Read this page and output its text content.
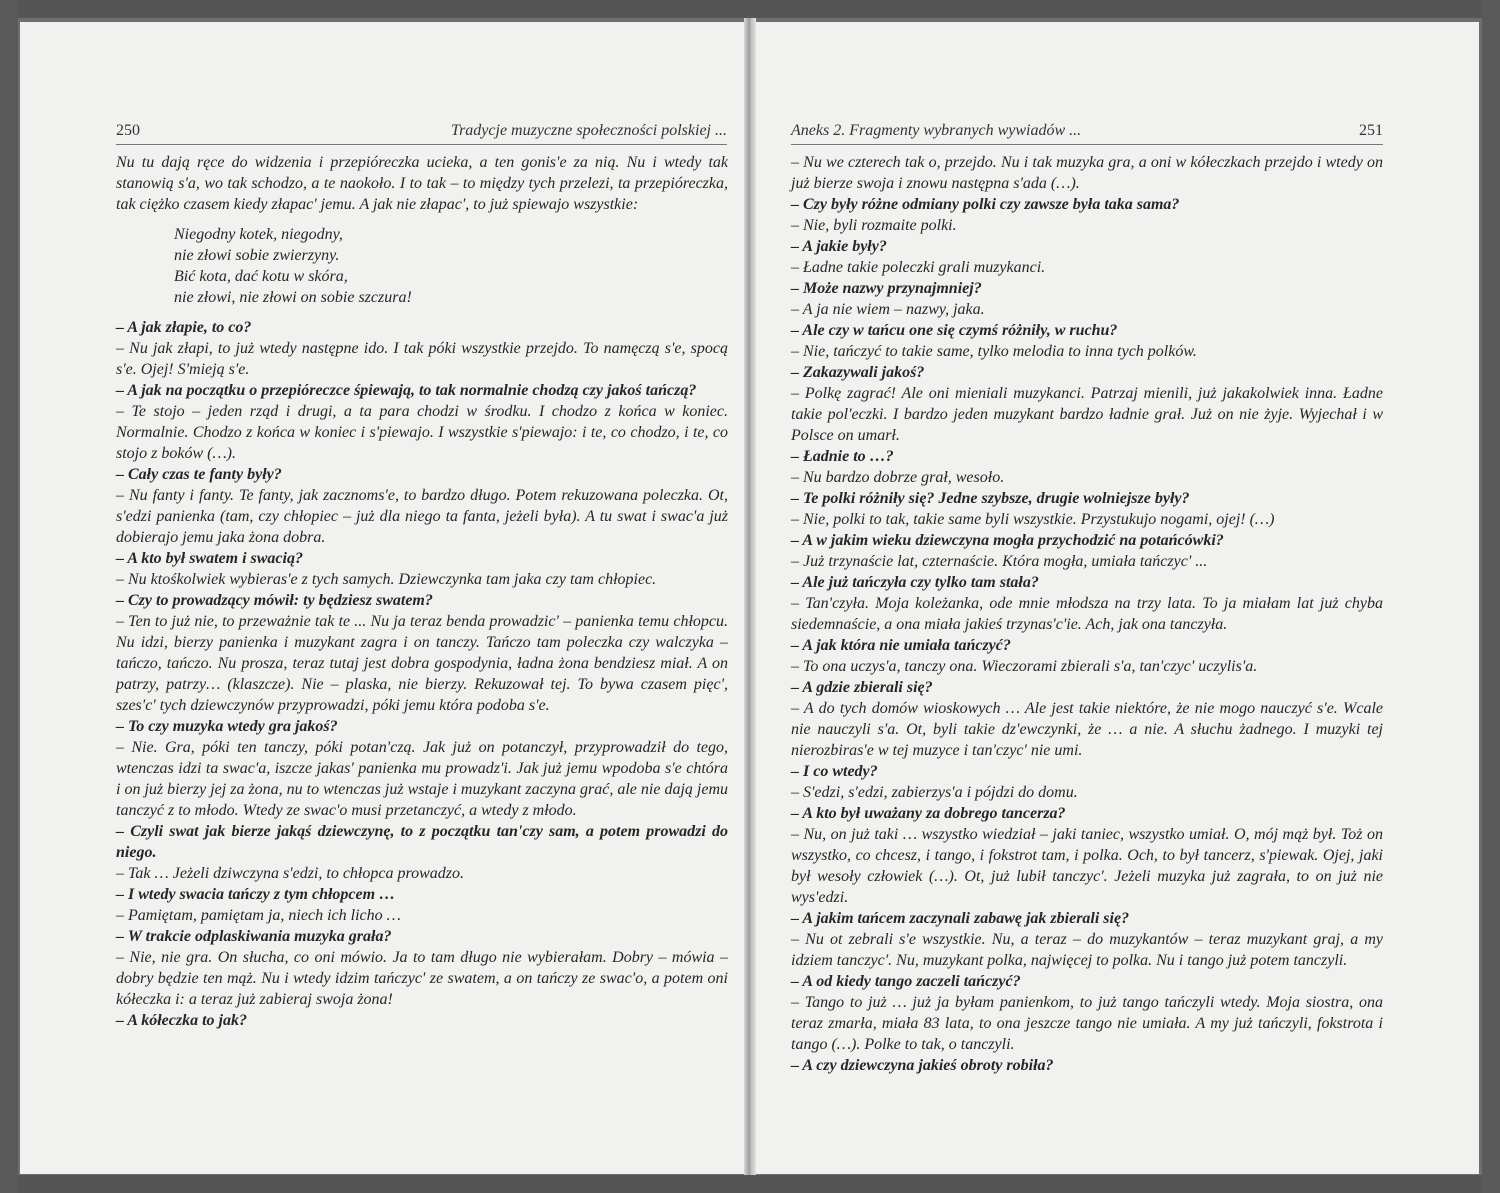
250	Tradycje muzyczne społeczności polskiej ...

Nu tu dają ręce do widzenia i przepióreczka ucieka, a ten gonis'e za nią. Nu i wtedy tak stanowią s'a, wo tak schodzo, a te naokoło. I to tak – to między tych przelezi, ta przepióreczka, tak ciężko czasem kiedy złapac' jemu. A jak nie złapac', to już spiewajo wszystkie:

Niegodny kotek, niegodny,
nie złowi sobie zwierzyny.
Bić kota, dać kotu w skóra,
nie złowi, nie złowi on sobie szczura!

– A jak złapie, to co?

– Nu jak złapi, to już wtedy następne ido. I tak póki wszystkie przejdo. To namęczą s'e, spocą s'e. Ojej! S'mieją s'e.

– A jak na początku o przepióreczce śpiewają, to tak normalnie chodzą czy jakoś tańczą?

– Te stojo – jeden rząd i drugi, a ta para chodzi w środku. I chodzo z końca w koniec. Normalnie. Chodzo z końca w koniec i s'piewajo. I wszystkie s'piewajo: i te, co chodzo, i te, co stojo z boków (…).

– Cały czas te fanty były?

– Nu fanty i fanty. Te fanty, jak zacznoms'e, to bardzo długo. Potem rekuzowana poleczka. Ot, s'edzi panienka (tam, czy chłopiec – już dla niego ta fanta, jeżeli była). A tu swat i swac'a już dobierajo jemu jaka żona dobra.

– A kto był swatem i swacią?

– Nu ktośkolwiek wybieras'e z tych samych. Dziewczynka tam jaka czy tam chłopiec.

– Czy to prowadzący mówił: ty będziesz swatem?

– Ten to już nie, to przeważnie tak te ... Nu ja teraz benda prowadzic' – panienka temu chłopcu. Nu idzi, bierzy panienka i muzykant zagra i on tanczy. Tańczo tam poleczka czy walczyka – tańczo, tańczo. Nu prosza, teraz tutaj jest dobra gospodynia, ładna żona bendziesz miał. A on patrzy, patrzy… (klaszcze). Nie – plaska, nie bierzy. Rekuzował tej. To bywa czasem pięc', szes'c' tych dziewczynów przyprowadzi, póki jemu która podoba s'e.

– To czy muzyka wtedy gra jakoś?

– Nie. Gra, póki ten tanczy, póki potan'czą. Jak już on potanczył, przyprowadził do tego, wtenczas idzi ta swac'a, iszcze jakas' panienka mu prowadz'i. Jak już jemu wpodoba s'e chtóra i on już bierzy jej za żona, nu to wtenczas już wstaje i muzykant zaczyna grać, ale nie dają jemu tanczyć z to młodo. Wtedy ze swac'o musi przetanczyć, a wtedy z młodo.

– Czyli swat jak bierze jakąś dziewczynę, to z początku tan'czy sam, a potem prowadzi do niego.

– Tak … Jeżeli dziwczyna s'edzi, to chłopca prowadzo.

– I wtedy swacia tańczy z tym chłopcem …

– Pamiętam, pamiętam ja, niech ich licho …

– W trakcie odplaskiwania muzyka grała?

– Nie, nie gra. On słucha, co oni mówio. Ja to tam długo nie wybierałam. Dobry – mówia – dobry będzie ten mąż. Nu i wtedy idzim tańczyc' ze swatem, a on tańczy ze swac'o, a potem oni kółeczka i: a teraz już zabieraj swoja żona!

– A kółeczka to jak?

Aneks 2. Fragmenty wybranych wywiadów ...	251

– Nu we czterech tak o, przejdo. Nu i tak muzyka gra, a oni w kółeczkach przejdo i wtedy on już bierze swoja i znowu następna s'ada (…).

– Czy były różne odmiany polki czy zawsze była taka sama?

– Nie, byli rozmaite polki.

– A jakie były?

– Ładne takie poleczki grali muzykanci.

– Może nazwy przynajmniej?

– A ja nie wiem – nazwy, jaka.

– Ale czy w tańcu one się czymś różniły, w ruchu?

– Nie, tańczyć to takie same, tylko melodia to inna tych polków.

– Zakazywali jakoś?

– Polkę zagrać! Ale oni mieniali muzykanci. Patrzaj mienili, już jakakolwiek inna. Ładne takie pol'eczki. I bardzo jeden muzykant bardzo ładnie grał. Już on nie żyje. Wyjechał i w Polsce on umarł.

– Ładnie to …?

– Nu bardzo dobrze grał, wesoło.

– Te polki różniły się? Jedne szybsze, drugie wolniejsze były?

– Nie, polki to tak, takie same byli wszystkie. Przystukujo nogami, ojej! (…)

– A w jakim wieku dziewczyna mogła przychodzić na potańcówki?

– Już trzynaście lat, czternaście. Która mogła, umiała tańczyc' ...

– Ale już tańczyła czy tylko tam stała?

– Tan'czyła. Moja koleżanka, ode mnie młodsza na trzy lata. To ja miałam lat już chyba siedemnaście, a ona miała jakieś trzynas'c'ie. Ach, jak ona tanczyła.

– A jak która nie umiała tańczyć?

– To ona uczys'a, tanczy ona. Wieczorami zbierali s'a, tan'czyc' uczylis'a.

– A gdzie zbierali się?

– A do tych domów wioskowych … Ale jest takie niektóre, że nie mogo nauczyć s'e. Wcale nie nauczyli s'a. Ot, byli takie dz'ewczynki, że … a nie. A słuchu żadnego. I muzyki tej nierozbiras'e w tej muzyce i tan'czyc' nie umi.

– I co wtedy?

– S'edzi, s'edzi, zabierzys'a i pójdzi do domu.

– A kto był uważany za dobrego tancerza?

– Nu, on już taki … wszystko wiedział – jaki taniec, wszystko umiał. O, mój mąż był. Toż on wszystko, co chcesz, i tango, i fokstrot tam, i polka. Och, to był tancerz, s'piewak. Ojej, jaki był wesoły człowiek (…). Ot, już lubił tanczyc'. Jeżeli muzyka już zagrała, to on już nie wys'edzi.

– A jakim tańcem zaczynali zabawę jak zbierali się?

– Nu ot zebrali s'e wszystkie. Nu, a teraz – do muzykantów – teraz muzykant graj, a my idziem tanczyc'. Nu, muzykant polka, najwięcej to polka. Nu i tango już potem tanczyli.

– A od kiedy tango zaczeli tańczyć?

– Tango to już … już ja byłam panienkom, to już tango tańczyli wtedy. Moja siostra, ona teraz zmarła, miała 83 lata, to ona jeszcze tango nie umiała. A my już tańczyli, fokstrota i tango (…). Polke to tak, o tanczyli.

– A czy dziewczyna jakieś obroty robiła?
